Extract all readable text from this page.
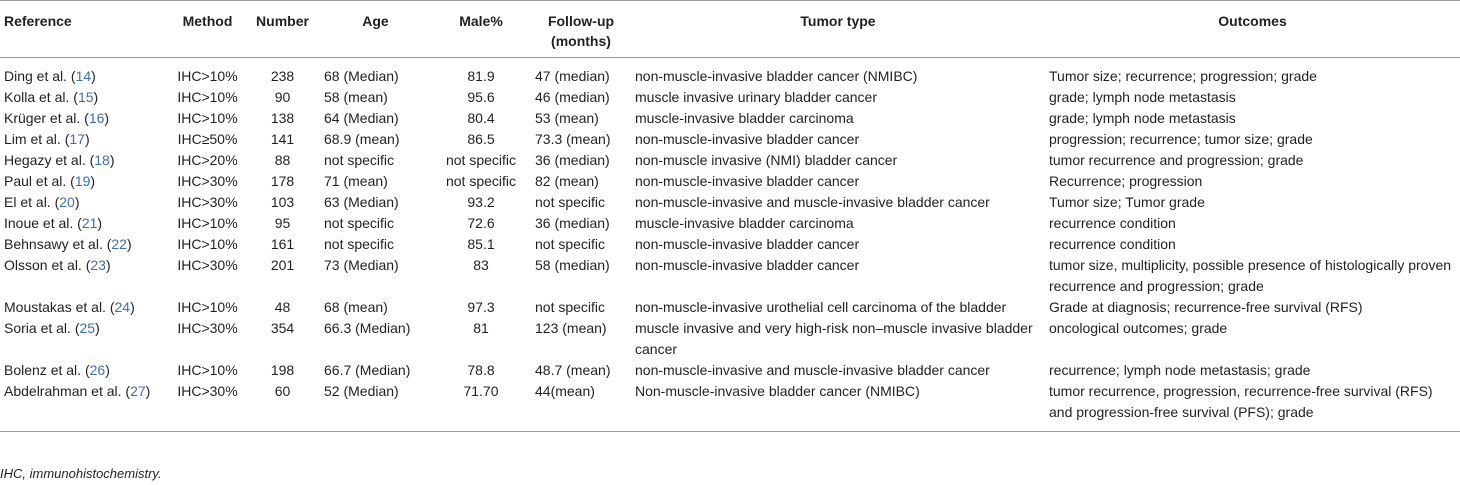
Reference	Method	Number	Age	Male%	Follow-up (months)	Tumor type	Outcomes
Ding et al. (14)	IHC>10%	238	68 (Median)	81.9	47 (median)	non-muscle-invasive bladder cancer (NMIBC)	Tumor size; recurrence; progression; grade
Kolla et al. (15)	IHC>10%	90	58 (mean)	95.6	46 (median)	muscle invasive urinary bladder cancer	grade; lymph node metastasis
Krüger et al. (16)	IHC>10%	138	64 (Median)	80.4	53 (mean)	muscle-invasive bladder carcinoma	grade; lymph node metastasis
Lim et al. (17)	IHC≥50%	141	68.9 (mean)	86.5	73.3 (mean)	non-muscle-invasive bladder cancer	progression; recurrence; tumor size; grade
Hegazy et al. (18)	IHC>20%	88	not specific	not specific	36 (median)	non-muscle invasive (NMI) bladder cancer	tumor recurrence and progression; grade
Paul et al. (19)	IHC>30%	178	71 (mean)	not specific	82 (mean)	non-muscle-invasive bladder cancer	Recurrence; progression
El et al. (20)	IHC>30%	103	63 (Median)	93.2	not specific	non-muscle-invasive and muscle-invasive bladder cancer	Tumor size; Tumor grade
Inoue et al. (21)	IHC>10%	95	not specific	72.6	36 (median)	muscle-invasive bladder carcinoma	recurrence condition
Behnsawy et al. (22)	IHC>10%	161	not specific	85.1	not specific	non-muscle-invasive bladder cancer	recurrence condition
Olsson et al. (23)	IHC>30%	201	73 (Median)	83	58 (median)	non-muscle-invasive bladder cancer	tumor size, multiplicity, possible presence of histologically proven recurrence and progression; grade
Moustakas et al. (24)	IHC>10%	48	68 (mean)	97.3	not specific	non-muscle-invasive urothelial cell carcinoma of the bladder	Grade at diagnosis; recurrence-free survival (RFS)
Soria et al. (25)	IHC>30%	354	66.3 (Median)	81	123 (mean)	muscle invasive and very high-risk non–muscle invasive bladder cancer	oncological outcomes; grade
Bolenz et al. (26)	IHC>10%	198	66.7 (Median)	78.8	48.7 (mean)	non-muscle-invasive and muscle-invasive bladder cancer	recurrence; lymph node metastasis; grade
Abdelrahman et al. (27)	IHC>30%	60	52 (Median)	71.70	44(mean)	Non-muscle-invasive bladder cancer (NMIBC)	tumor recurrence, progression, recurrence-free survival (RFS) and progression-free survival (PFS); grade
IHC, immunohistochemistry.
